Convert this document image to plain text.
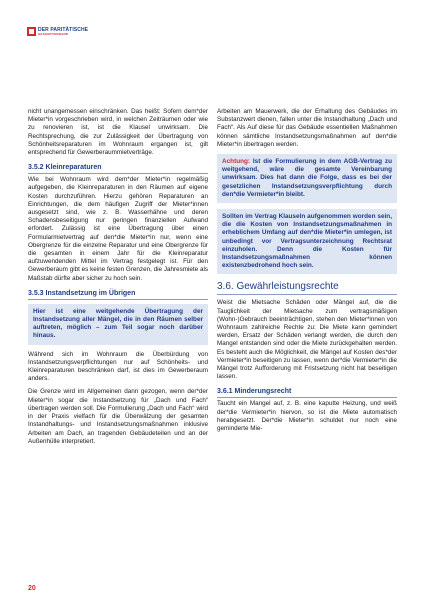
DER PARITÄTISCHE
GESAMTVERBAND

nicht unangemessen einschränken. Das heißt: Sofern dem*der Mieter*in vorgeschrieben wird, in welchen Zeiträumen oder wie zu renovieren ist, ist die Klausel unwirksam. Die Rechtsprechung, die zur Zulässigkeit der Übertragung von Schönheitsreparaturen im Wohnraum ergangen ist, gilt entsprechend für Gewerberaummietverträge.

3.5.2 Kleinreparaturen

Wie bei Wohnraum wird dem*der Mieter*in regelmäßig aufgegeben, die Kleinreparaturen in den Räumen auf eigene Kosten durchzuführen. Hierzu gehören Reparaturen an Einrichtungen, die dem häufigen Zugriff der Mieter*innen ausgesetzt sind, wie z. B. Wasserhähne und deren Schadensbeseitigung nur geringen finanziellen Aufwand erfordert. Zulässig ist eine Übertragung über einen Formularmietvertrag auf den*die Mieter*in nur, wenn eine Obergrenze für die einzelne Reparatur und eine Obergrenze für die gesamten in einem Jahr für die Kleinreparatur aufzuwendenden Mittel im Vertrag festgelegt ist. Für den Gewerberaum gibt es keine festen Grenzen, die Jahresmiete als Maßstab dürfte aber sicher zu hoch sein.

3.5.3 Instandsetzung im Übrigen
Hier ist eine weitgehende Übertragung der Instandsetzung aller Mängel, die in den Räumen selber auftreten, möglich – zum Teil sogar noch darüber hinaus.

Während sich im Wohnraum die Überbürdung von Instandsetzungsverpflichtungen nur auf Schönheits- und Kleinreparaturen beschränken darf, ist dies im Gewerberaum anders.

Die Grenze wird im Allgemeinen dann gezogen, wenn der*der Mieter*in sogar die Instandsetzung für „Dach und Fach“ übertragen werden soll. Die Formulierung „Dach und Fach“ wird in der Praxis vielfach für die Überwälzung der gesamten Instandhaltungs- und Instandsetzungsmaßnahmen inklusive Arbeiten am Dach, an tragenden Gebäudeteilen und an der Außenhülle interpretiert.

Arbeiten am Mauerwerk, die der Erhaltung des Gebäudes im Substanzwert dienen, fallen unter die Instandhaltung „Dach und Fach“. Als Auf diese für das Gebäude essentiellen Maßnahmen können sämtliche Instandsetzungsmaßnahmen auf den*die Mieter*in übertragen werden.

Achtung: Ist die Formulierung in dem AGB-Vertrag zu weitgehend, wäre die gesamte Vereinbarung unwirksam. Dies hat dann die Folge, dass es bei der gesetzlichen Instandsetzungsverpflichtung durch den*die Vermieter*in bleibt.
Sollten im Vertrag Klauseln aufgenommen worden sein, die die Kosten von Instandsetzungsmaßnahmen in erheblichem Umfang auf den*die Mieter*in umlegen, ist unbedingt vor Vertragsunterzeichnung Rechtsrat einzuholen. Denn die Kosten für Instandsetzungsmaßnahmen können existenzbedrohend hoch sein.
3.6. Gewährleistungsrechte

Weist die Mietsache Schäden oder Mängel auf, die die Tauglichkeit der Mietsache zum vertragsmäßigen (Wohn-)Gebrauch beeinträchtigen, stehen den Mieter*innen von Wohnraum zahlreiche Rechte zu: Die Miete kann gemindert werden, Ersatz der Schäden verlangt werden, die durch den Mangel entstanden sind oder die Miete zurückgehalten werden. Es besteht auch die Möglichkeit, die Mängel auf Kosten des*der Vermieter*in beseitigen zu lassen, wenn der*die Vermieter*in die Mängel trotz Aufforderung mit Fristsetzung nicht hat beseitigen lassen.

3.6.1 Minderungsrecht

Taucht ein Mangel auf, z. B. eine kaputte Heizung, und weiß der*die Vermieter*in hiervon, so ist die Miete automatisch herabgesetzt. Der*die Mieter*in schuldet nur noch eine geminderte Mie-

20
